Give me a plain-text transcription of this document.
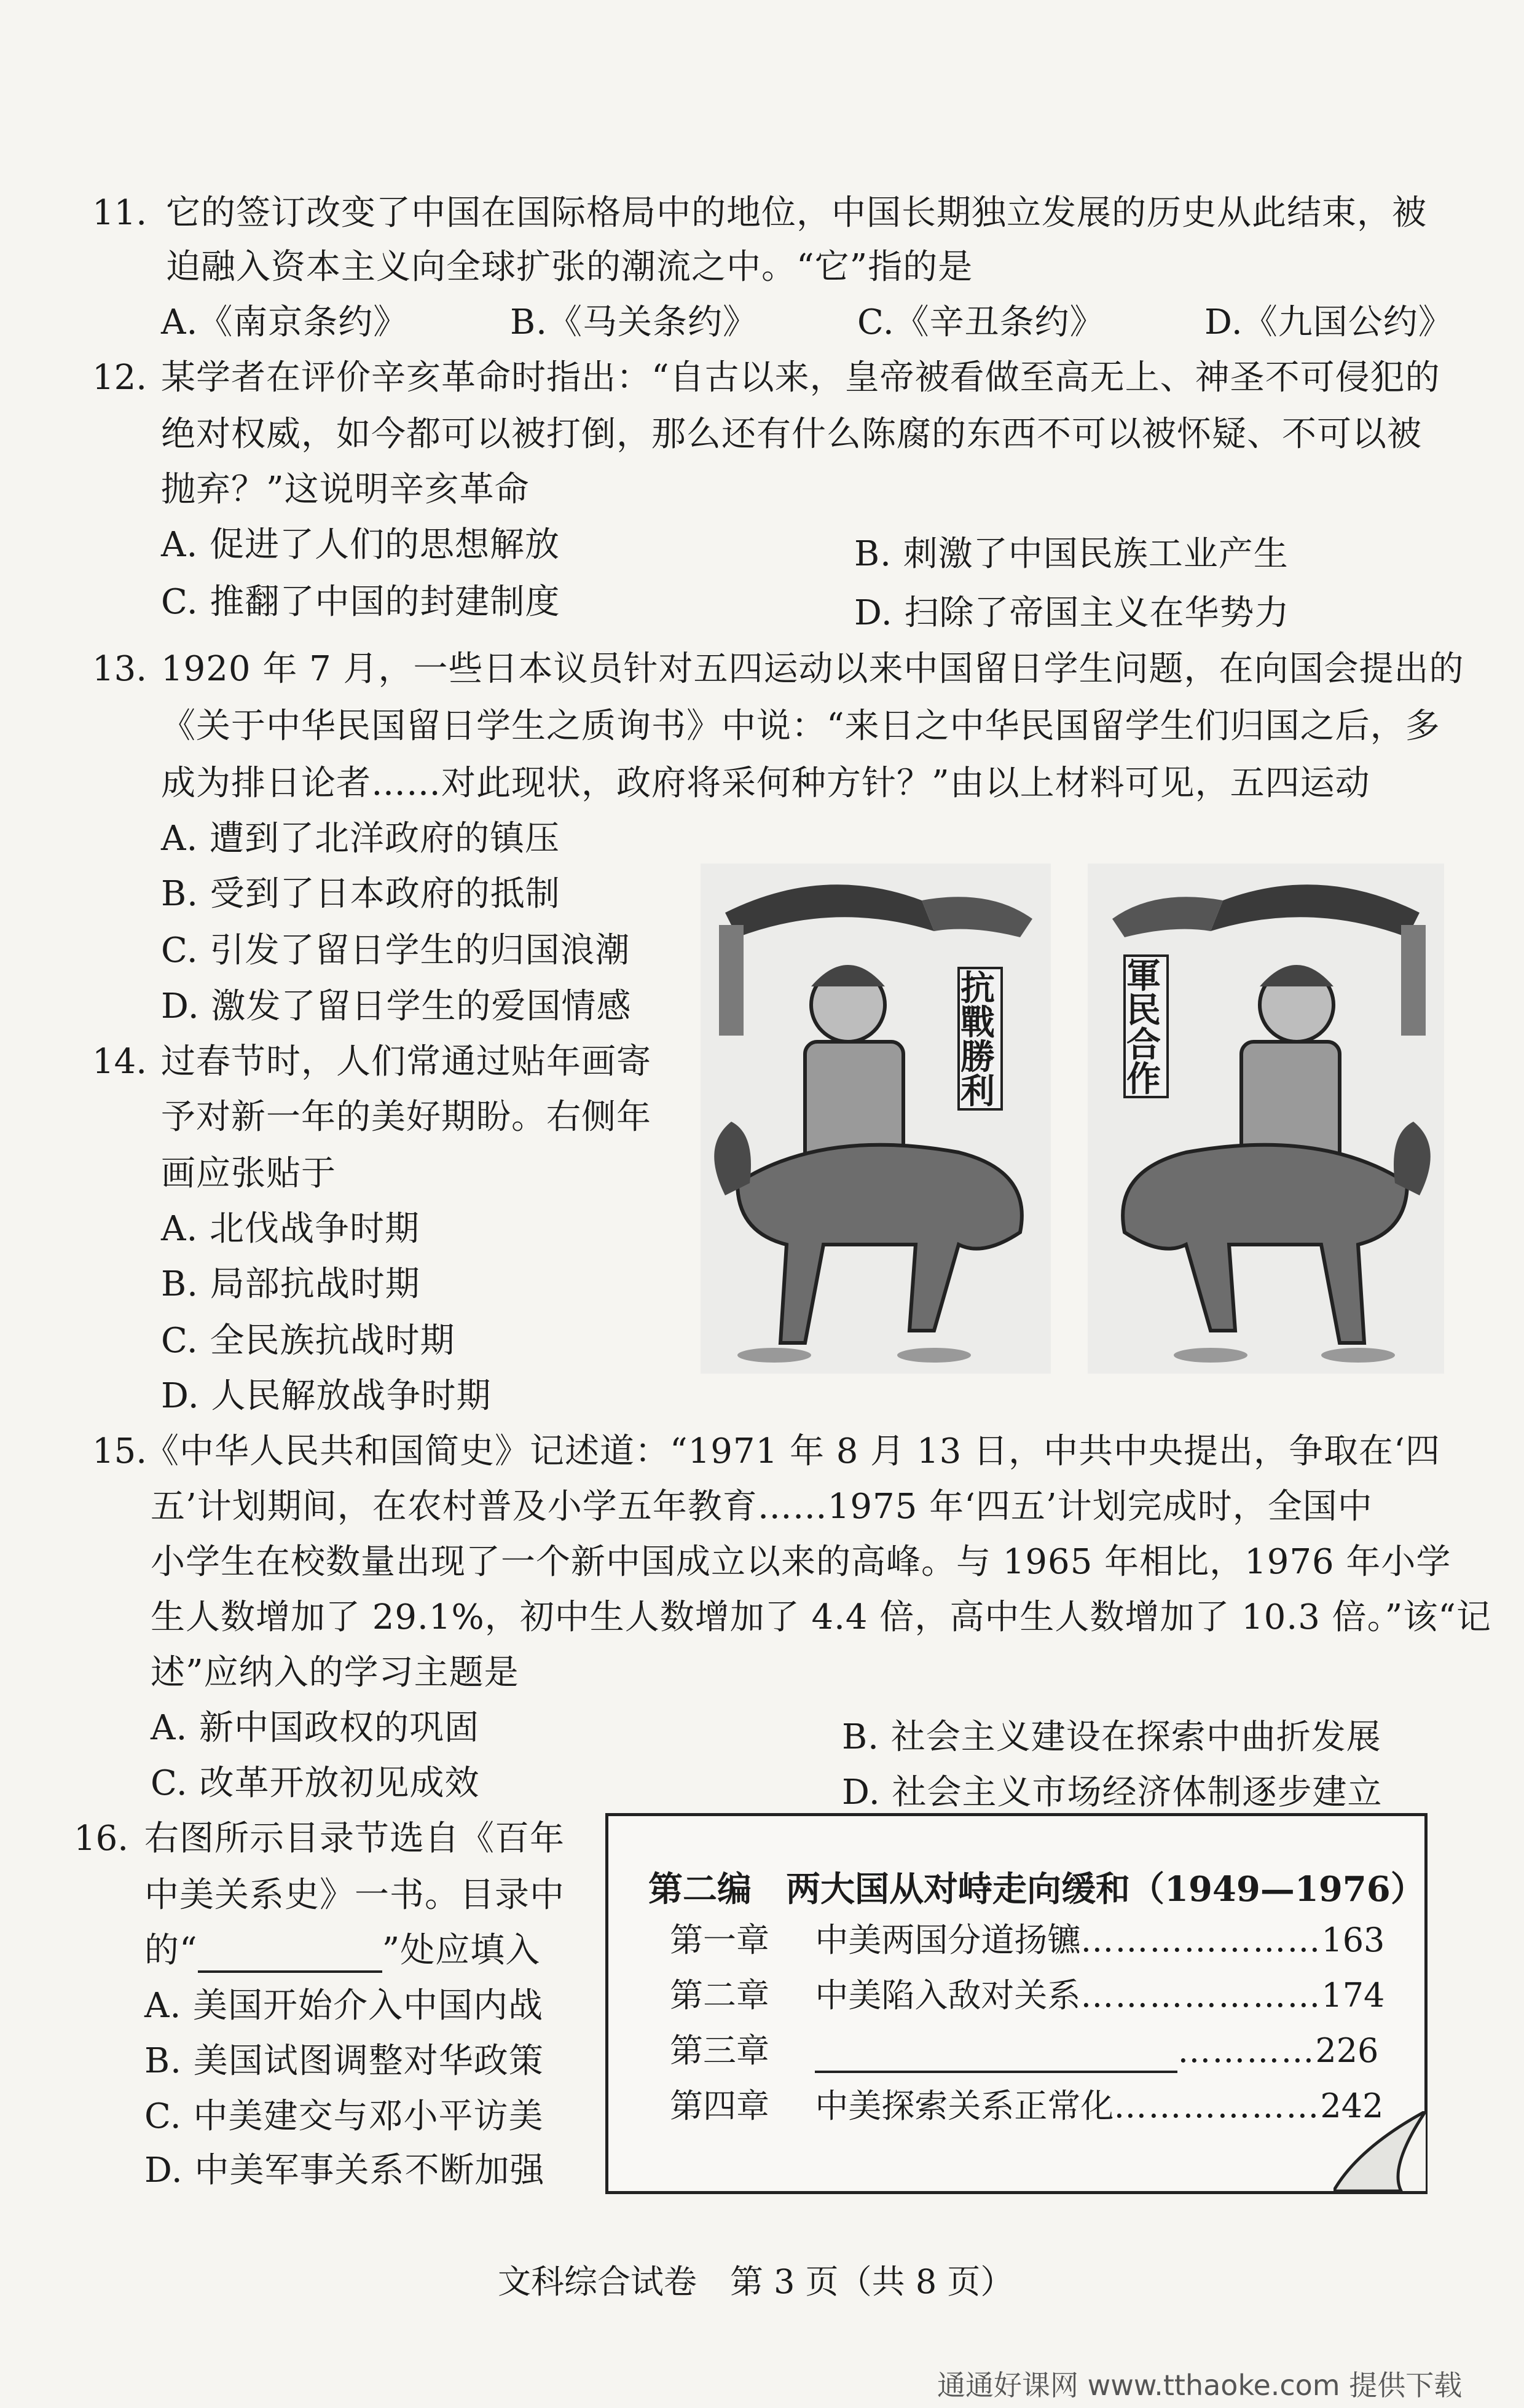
11. 它的签订改变了中国在国际格局中的地位，中国长期独立发展的历史从此结束，被
迫融入资本主义向全球扩张的潮流之中。“它”指的是
A.《南京条约》	B.《马关条约》	C.《辛丑条约》	D.《九国公约》
12. 某学者在评价辛亥革命时指出：“自古以来，皇帝被看做至高无上、神圣不可侵犯的
绝对权威，如今都可以被打倒，那么还有什么陈腐的东西不可以被怀疑、不可以被
抛弃？”这说明辛亥革命
A. 促进了人们的思想解放	B. 刺激了中国民族工业产生
C. 推翻了中国的封建制度	D. 扫除了帝国主义在华势力
13. 1920 年 7 月，一些日本议员针对五四运动以来中国留日学生问题，在向国会提出的
《关于中华民国留日学生之质询书》中说：“来日之中华民国留学生们归国之后，多
成为排日论者……对此现状，政府将采何种方针？”由以上材料可见，五四运动
A. 遭到了北洋政府的镇压
B. 受到了日本政府的抵制
C. 引发了留日学生的归国浪潮
D. 激发了留日学生的爱国情感
14. 过春节时，人们常通过贴年画寄
予对新一年的美好期盼。右侧年
画应张贴于
A. 北伐战争时期
B. 局部抗战时期
C. 全民族抗战时期
D. 人民解放战争时期
抗戰勝利
軍民合作
15.
《中华人民共和国简史》记述道：“1971 年 8 月 13 日，中共中央提出，争取在‘四
五’计划期间，在农村普及小学五年教育……1975 年‘四五’计划完成时，全国中
小学生在校数量出现了一个新中国成立以来的高峰。与 1965 年相比，1976 年小学
生人数增加了 29.1%，初中生人数增加了 4.4 倍，高中生人数增加了 10.3 倍。”该“记
述”应纳入的学习主题是
A. 新中国政权的巩固	B. 社会主义建设在探索中曲折发展
C. 改革开放初见成效	D. 社会主义市场经济体制逐步建立
16. 右图所示目录节选自《百年
中美关系史》一书。目录中
的“	”处应填入
A. 美国开始介入中国内战
B. 美国试图调整对华政策
C. 中美建交与邓小平访美
D. 中美军事关系不断加强
第二编　两大国从对峙走向缓和（1949—1976）
第一章 中美两国分道扬镳…………………163
第二章 中美陷入敌对关系…………………174
第三章	…………226
第四章 中美探索关系正常化………………242
文科综合试卷　第 3 页（共 8 页）
通通好课网 www.tthaoke.com 提供下载
